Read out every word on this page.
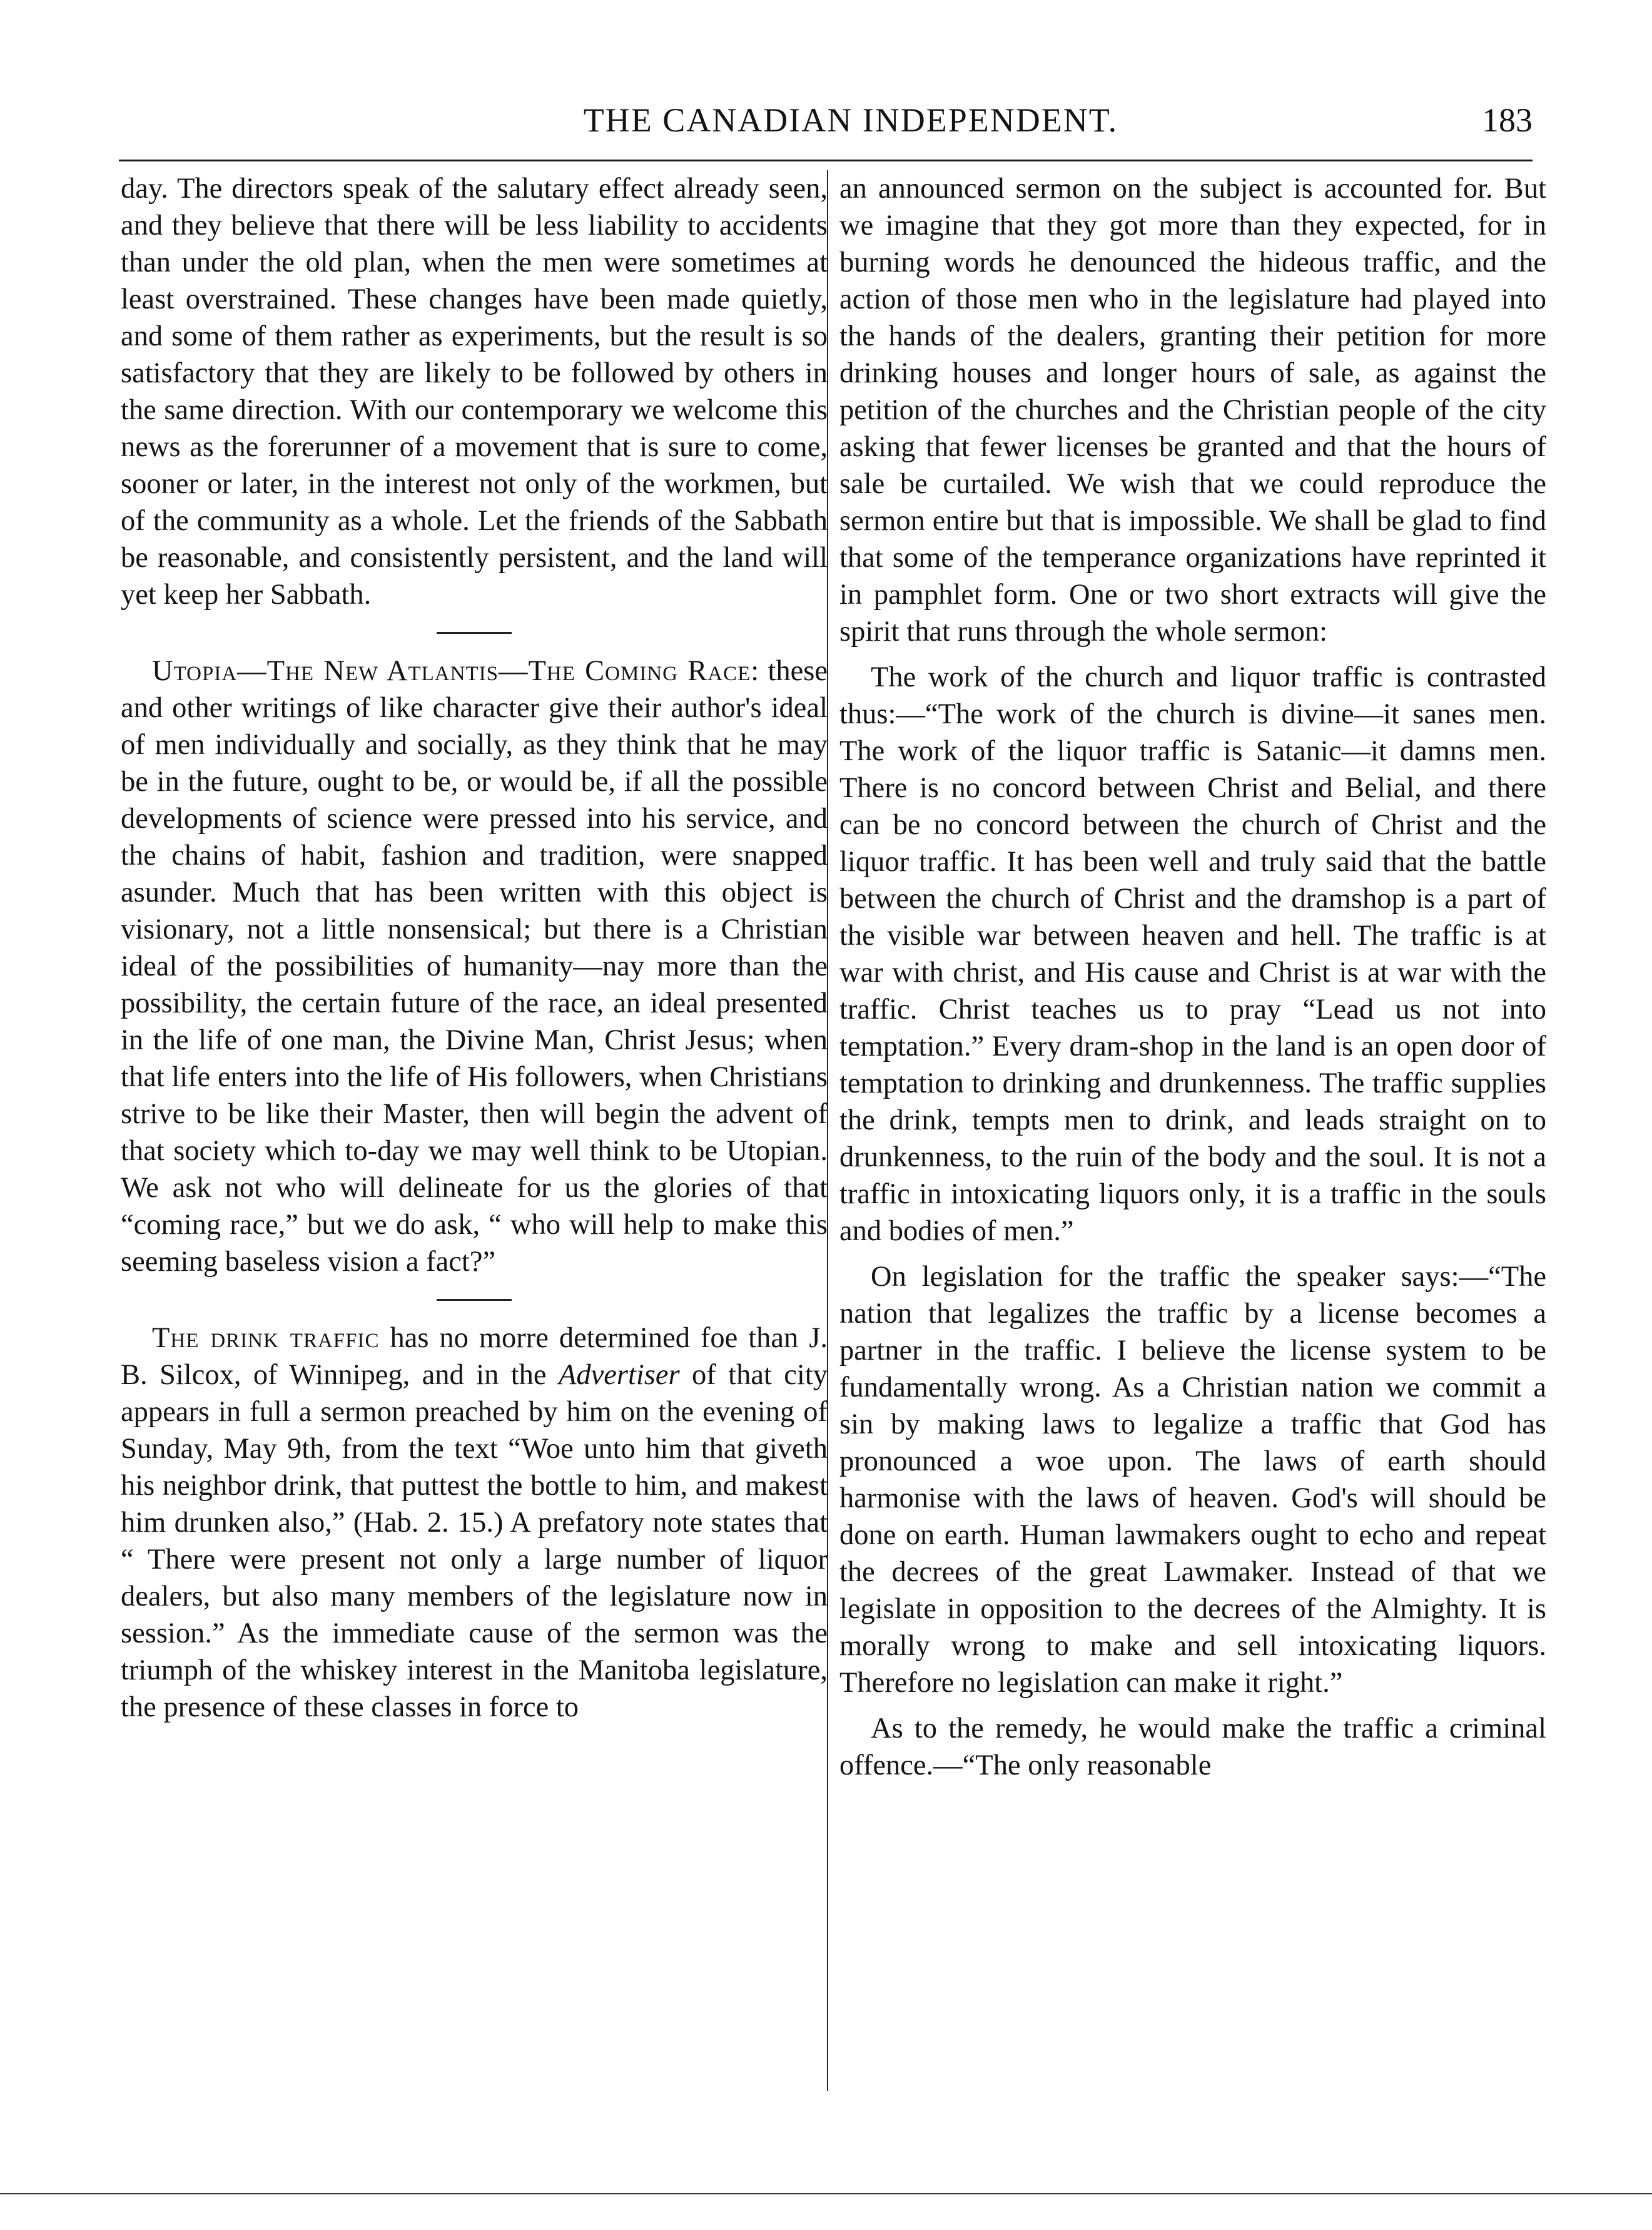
THE CANADIAN INDEPENDENT.	183

day. The directors speak of the salutary effect already seen, and they believe that there will be less liability to accidents than under the old plan, when the men were sometimes at least overstrained. These changes have been made quietly, and some of them rather as experiments, but the result is so satisfactory that they are likely to be followed by others in the same direction. With our contemporary we welcome this news as the forerunner of a movement that is sure to come, sooner or later, in the interest not only of the workmen, but of the community as a whole. Let the friends of the Sabbath be reasonable, and consistently persistent, and the land will yet keep her Sabbath.

Utopia—The New Atlantis—The Coming Race: these and other writings of like character give their author's ideal of men individually and socially, as they think that he may be in the future, ought to be, or would be, if all the possible developments of science were pressed into his service, and the chains of habit, fashion and tradition, were snapped asunder. Much that has been written with this object is visionary, not a little nonsensical; but there is a Christian ideal of the possibilities of humanity—nay more than the possibility, the certain future of the race, an ideal presented in the life of one man, the Divine Man, Christ Jesus; when that life enters into the life of His followers, when Christians strive to be like their Master, then will begin the advent of that society which to-day we may well think to be Utopian. We ask not who will delineate for us the glories of that “coming race,” but we do ask, “ who will help to make this seeming baseless vision a fact?”

The drink traffic has no morre determined foe than J. B. Silcox, of Winnipeg, and in the Advertiser of that city appears in full a sermon preached by him on the evening of Sunday, May 9th, from the text “Woe unto him that giveth his neighbor drink, that puttest the bottle to him, and makest him drunken also,” (Hab. 2. 15.) A prefatory note states that “ There were present not only a large number of liquor dealers, but also many members of the legislature now in session.” As the immediate cause of the sermon was the triumph of the whiskey interest in the Manitoba legislature, the presence of these classes in force to

an announced sermon on the subject is accounted for. But we imagine that they got more than they expected, for in burning words he denounced the hideous traffic, and the action of those men who in the legislature had played into the hands of the dealers, granting their petition for more drinking houses and longer hours of sale, as against the petition of the churches and the Christian people of the city asking that fewer licenses be granted and that the hours of sale be curtailed. We wish that we could reproduce the sermon entire but that is impossible. We shall be glad to find that some of the temperance organizations have reprinted it in pamphlet form. One or two short extracts will give the spirit that runs through the whole sermon:

The work of the church and liquor traffic is contrasted thus:—“The work of the church is divine—it sanes men. The work of the liquor traffic is Satanic—it damns men. There is no concord between Christ and Belial, and there can be no concord between the church of Christ and the liquor traffic. It has been well and truly said that the battle between the church of Christ and the dramshop is a part of the visible war between heaven and hell. The traffic is at war with christ, and His cause and Christ is at war with the traffic. Christ teaches us to pray “Lead us not into temptation.” Every dram-shop in the land is an open door of temptation to drinking and drunkenness. The traffic supplies the drink, tempts men to drink, and leads straight on to drunkenness, to the ruin of the body and the soul. It is not a traffic in intoxicating liquors only, it is a traffic in the souls and bodies of men.”

On legislation for the traffic the speaker says:—“The nation that legalizes the traffic by a license becomes a partner in the traffic. I believe the license system to be fundamentally wrong. As a Christian nation we commit a sin by making laws to legalize a traffic that God has pronounced a woe upon. The laws of earth should harmonise with the laws of heaven. God's will should be done on earth. Human lawmakers ought to echo and repeat the decrees of the great Lawmaker. Instead of that we legislate in opposition to the decrees of the Almighty. It is morally wrong to make and sell intoxicating liquors. Therefore no legislation can make it right.”

As to the remedy, he would make the traffic a criminal offence.—“The only reasonable
